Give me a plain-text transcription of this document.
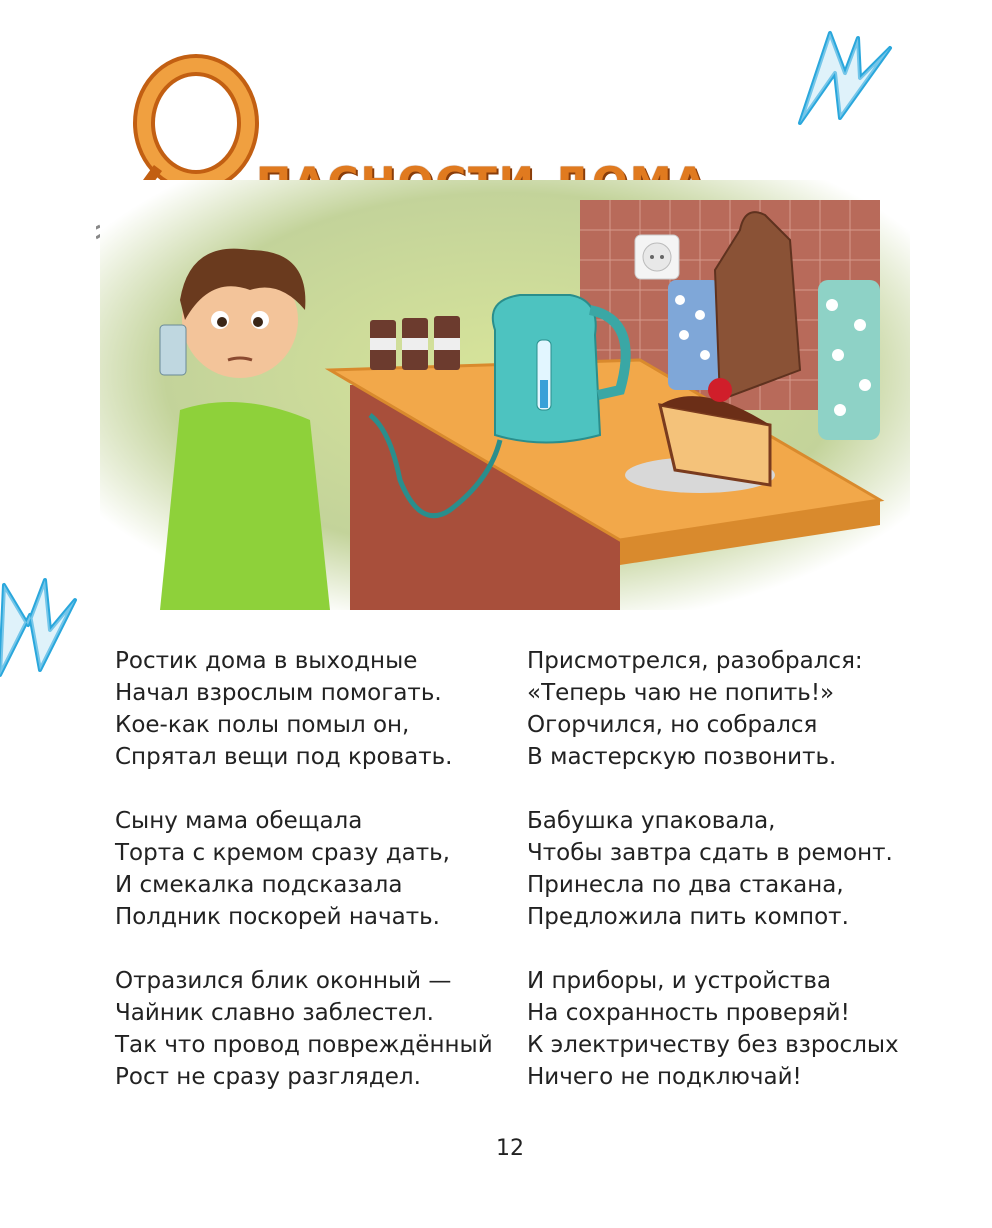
Ростик дома в выходные
Начал взрослым помогать.
Кое-как полы помыл он,
Спрятал вещи под кровать.
Сыну мама обещала
Торта с кремом сразу дать,
И смекалка подсказала
Полдник поскорей начать.
Отразился блик оконный —
Чайник славно заблестел.
Так что провод повреждённый
Рост не сразу разглядел.
Присмотрелся, разобрался:
«Теперь чаю не попить!»
Огорчился, но собрался
В мастерскую позвонить.
Бабушка упаковала,
Чтобы завтра сдать в ремонт.
Принесла по два стакана,
Предложила пить компот.
И приборы, и устройства
На сохранность проверяй!
К электричеству без взрослых
Ничего не подключай!
12
